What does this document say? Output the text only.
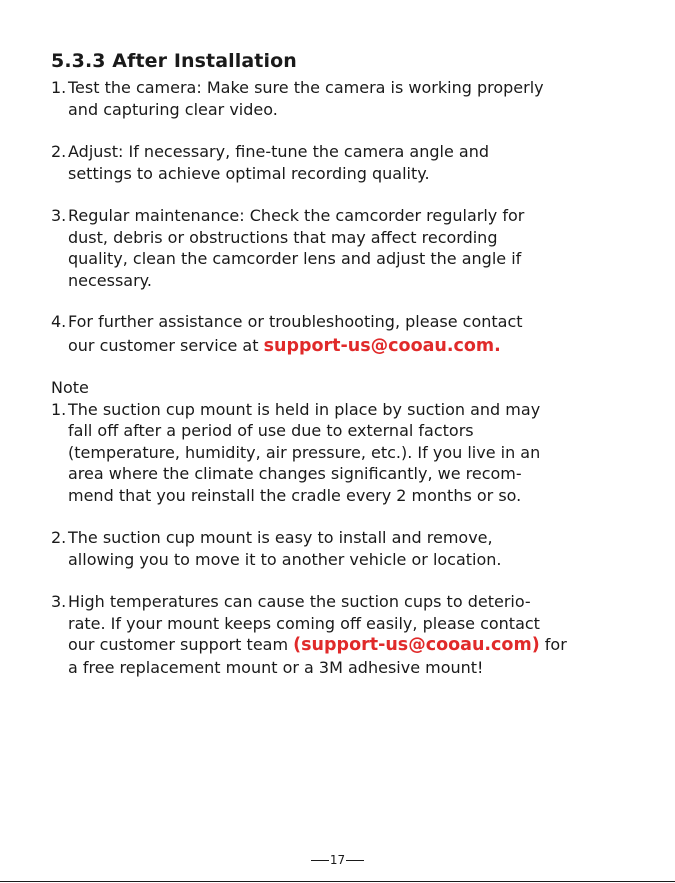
5.3.3 After Installation
1. Test the camera: Make sure the camera is working properly
and capturing clear video.
2. Adjust: If necessary, fine-tune the camera angle and
settings to achieve optimal recording quality.
3. Regular maintenance: Check the camcorder regularly for
dust, debris or obstructions that may affect recording
quality, clean the camcorder lens and adjust the angle if
necessary.
4. For further assistance or troubleshooting, please contact
our customer service at support-us@cooau.com.
Note
1. The suction cup mount is held in place by suction and may
fall off after a period of use due to external factors
(temperature, humidity, air pressure, etc.). If you live in an
area where the climate changes significantly, we recom-
mend that you reinstall the cradle every 2 months or so.
2. The suction cup mount is easy to install and remove,
allowing you to move it to another vehicle or location.
3. High temperatures can cause the suction cups to deterio-
rate. If your mount keeps coming off easily, please contact
our customer support team (support-us@cooau.com) for
a free replacement mount or a 3M adhesive mount!
17
